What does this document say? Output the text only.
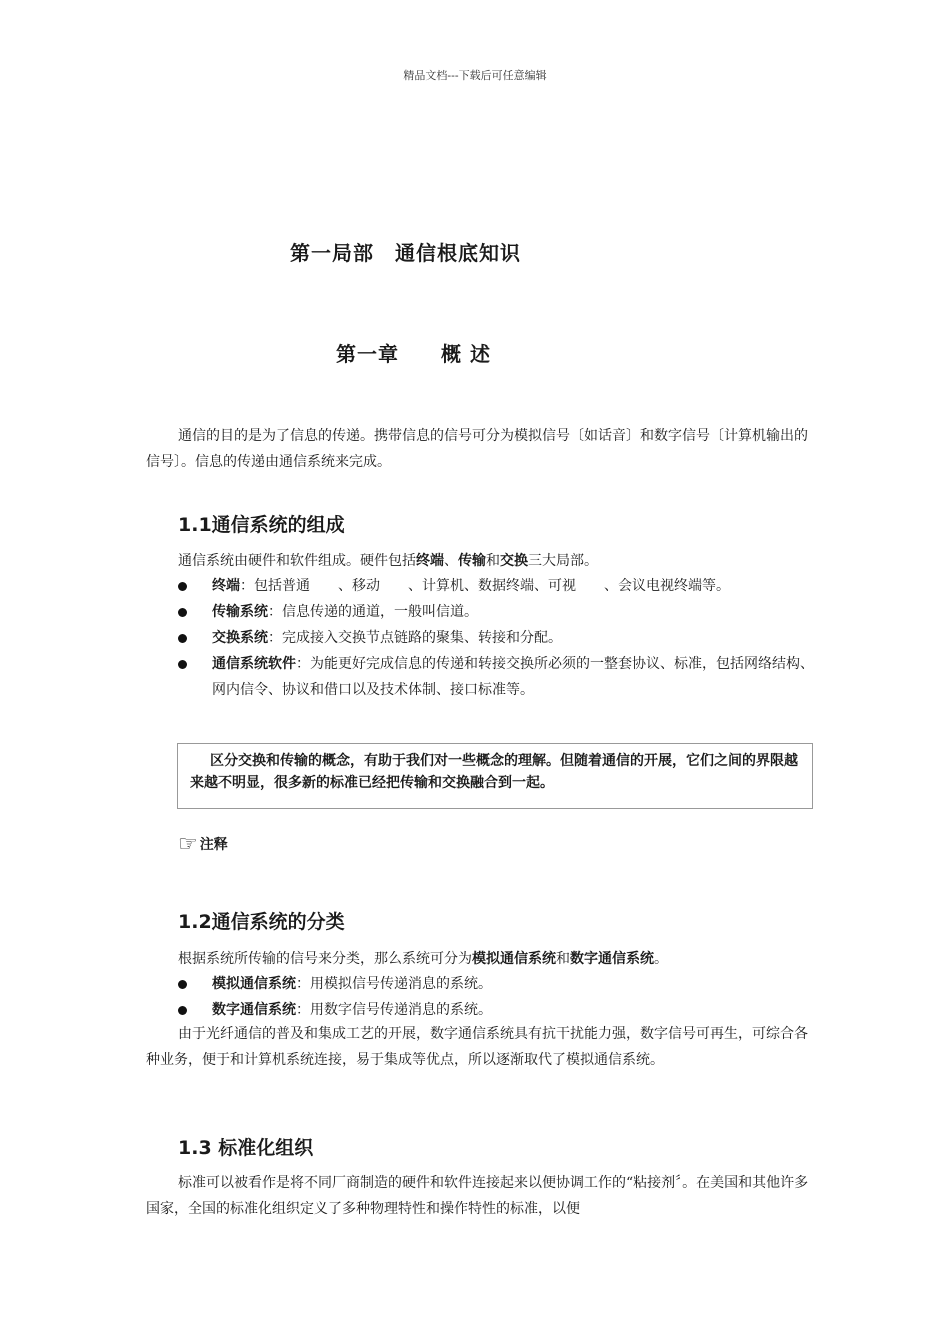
精品文档---下载后可任意编辑
第一局部　通信根底知识
第一章　　概 述

通信的目的是为了信息的传递。携带信息的信号可分为模拟信号〔如话音〕和数字信号〔计算机输出的信号〕。信息的传递由通信系统来完成。

1.1通信系统的组成
通信系统由硬件和软件组成。硬件包括终端、传输和交换三大局部。
终端：包括普通　　、移动　　、计算机、数据终端、可视　　、会议电视终端等。
传输系统：信息传递的通道，一般叫信道。
交换系统：完成接入交换节点链路的聚集、转接和分配。
通信系统软件：为能更好完成信息的传递和转接交换所必须的一整套协议、标准，包括网络结构、网内信令、协议和借口以及技术体制、接口标准等。
区分交换和传输的概念，有助于我们对一些概念的理解。但随着通信的开展，它们之间的界限越来越不明显，很多新的标准已经把传输和交换融合到一起。
☞ 注释
1.2通信系统的分类
根据系统所传输的信号来分类，那么系统可分为模拟通信系统和数字通信系统。
模拟通信系统：用模拟信号传递消息的系统。
数字通信系统：用数字信号传递消息的系统。

由于光纤通信的普及和集成工艺的开展，数字通信系统具有抗干扰能力强，数字信号可再生，可综合各种业务，便于和计算机系统连接，易于集成等优点，所以逐渐取代了模拟通信系统。

1.3 标准化组织

标准可以被看作是将不同厂商制造的硬件和软件连接起来以便协调工作的“粘接剂〞。在美国和其他许多国家，全国的标准化组织定义了多种物理特性和操作特性的标准，以便
